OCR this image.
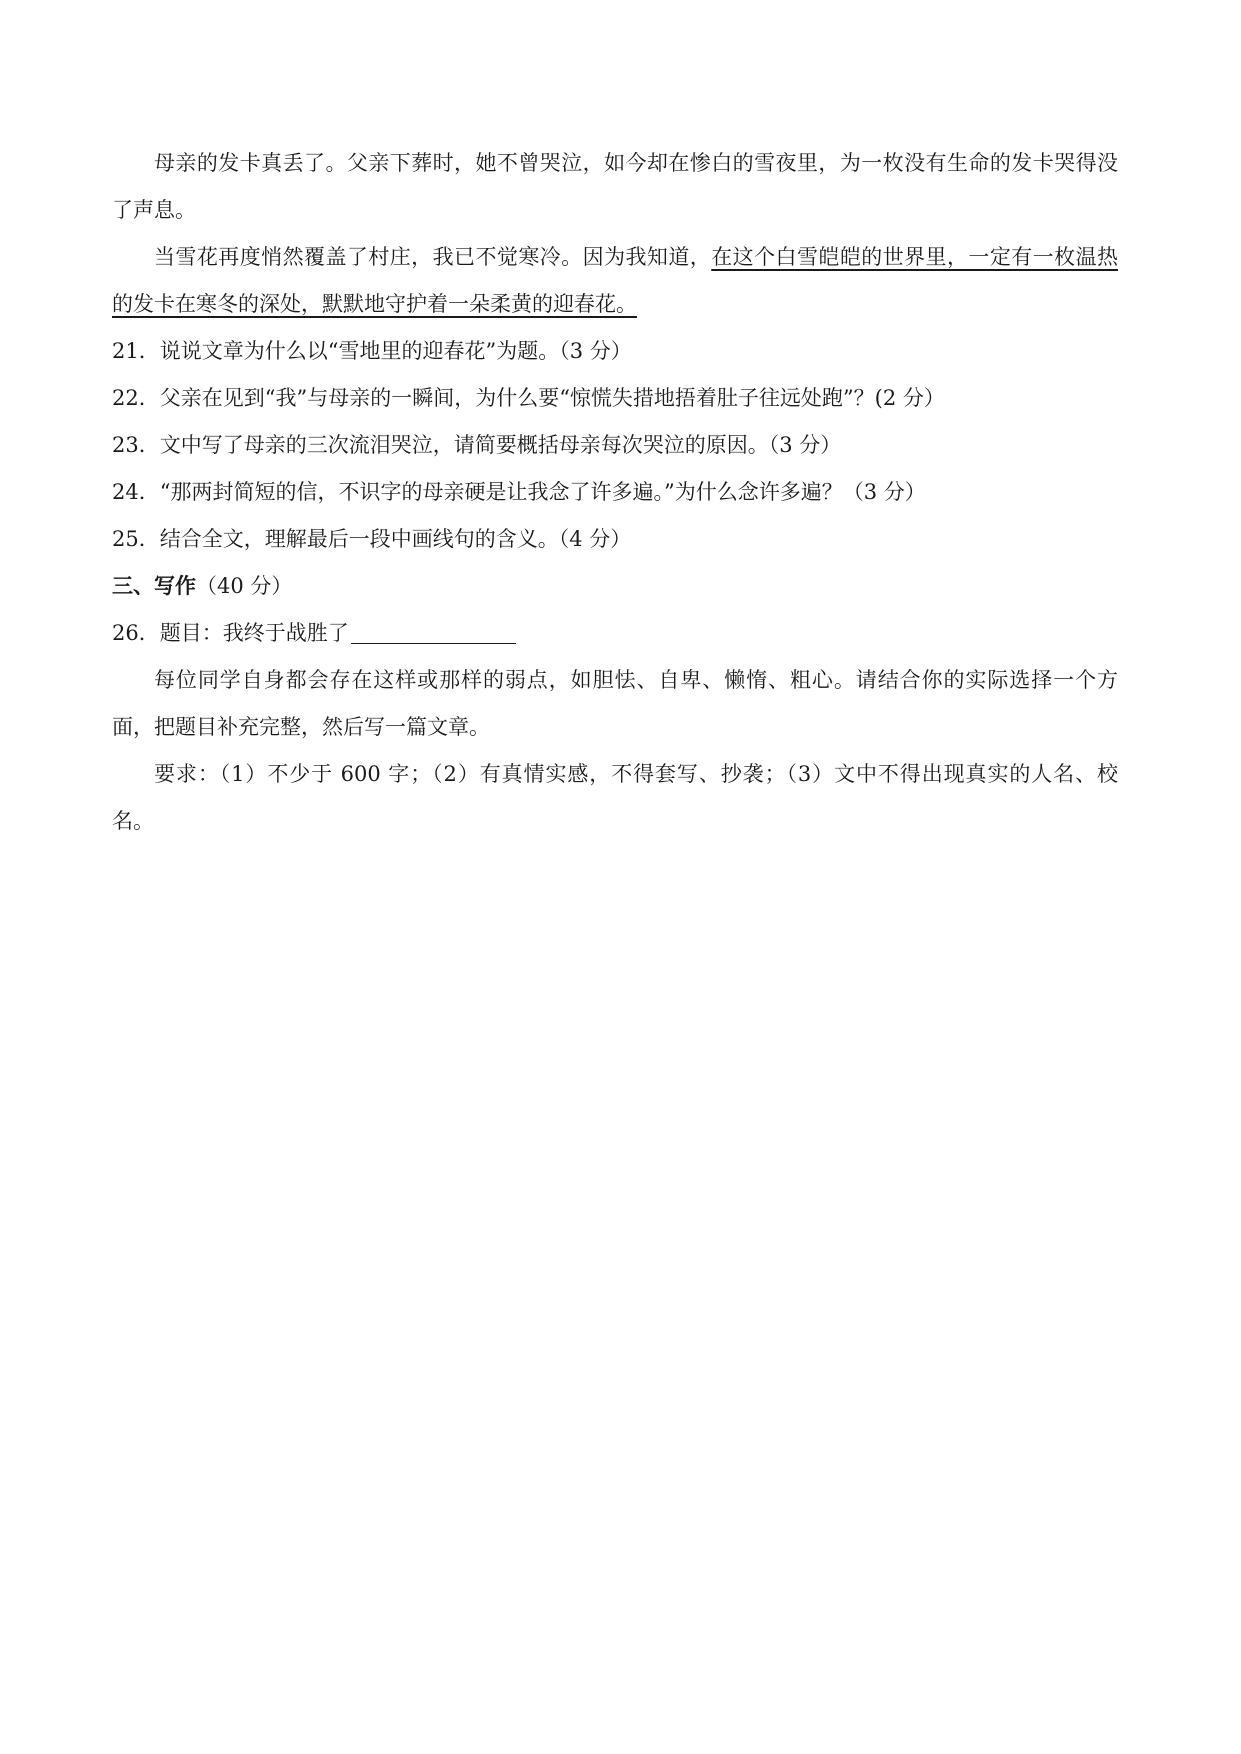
母亲的发卡真丢了。父亲下葬时，她不曾哭泣，如今却在惨白的雪夜里，为一枚没有生命的发卡哭得没了声息。

当雪花再度悄然覆盖了村庄，我已不觉寒冷。因为我知道，在这个白雪皑皑的世界里，一定有一枚温热的发卡在寒冬的深处，默默地守护着一朵柔黄的迎春花。

21．说说文章为什么以“雪地里的迎春花”为题。（3 分）

22．父亲在见到“我”与母亲的一瞬间，为什么要“惊慌失措地捂着肚子往远处跑”？(2 分）

23．文中写了母亲的三次流泪哭泣，请简要概括母亲每次哭泣的原因。（3 分）

24．“那两封简短的信，不识字的母亲硬是让我念了许多遍。”为什么念许多遍？（3 分）

25．结合全文，理解最后一段中画线句的含义。（4 分）

三、写作（40 分）

26．题目：我终于战胜了

每位同学自身都会存在这样或那样的弱点，如胆怯、自卑、懒惰、粗心。请结合你的实际选择一个方面，把题目补充完整，然后写一篇文章。

要求：（1）不少于 600 字；（2）有真情实感，不得套写、抄袭；（3）文中不得出现真实的人名、校名。
